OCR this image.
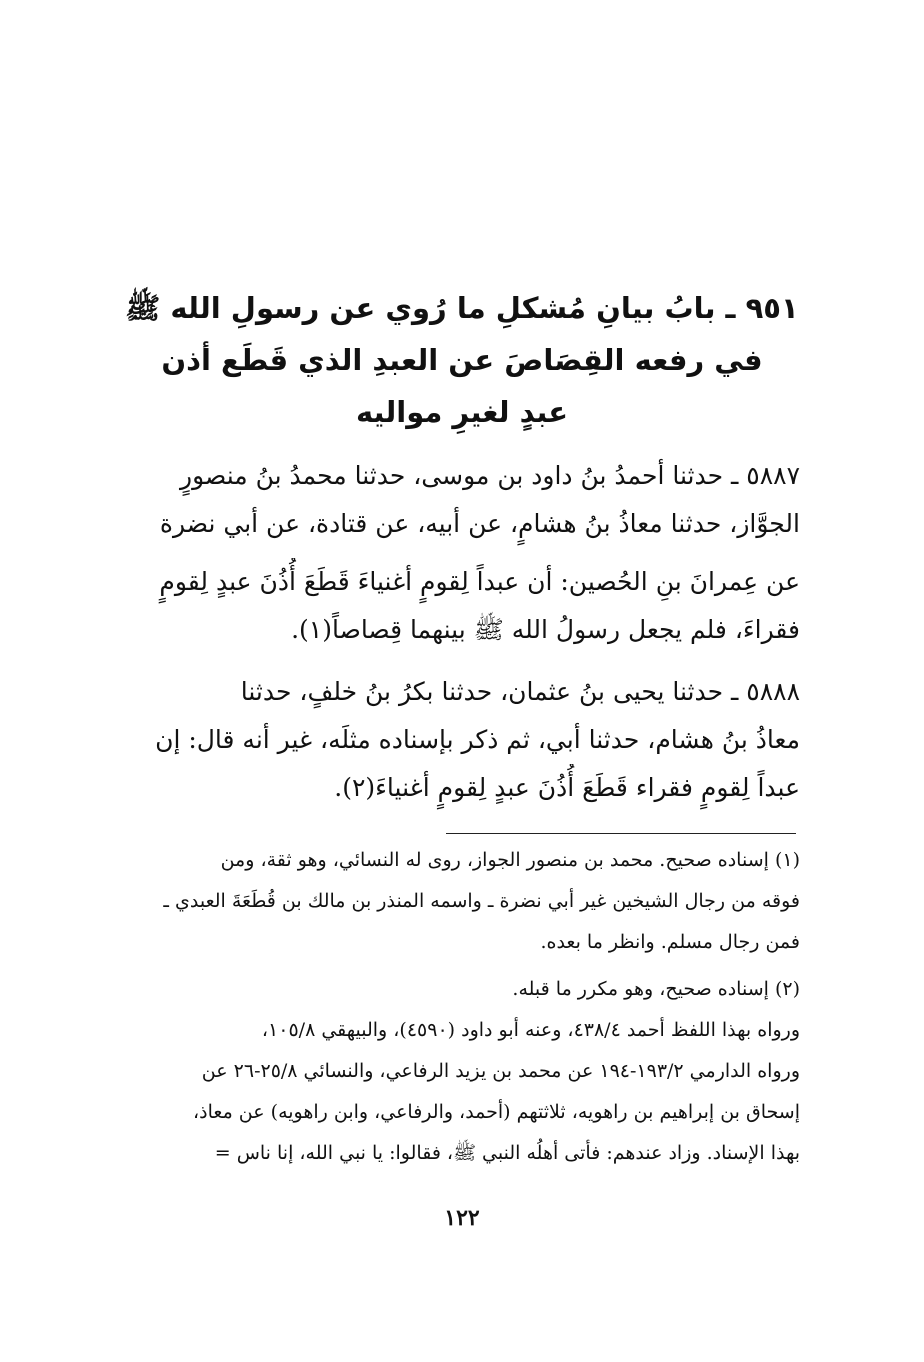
٩٥١ ـ بابُ بيانِ مُشكلِ ما رُوي عن رسولِ الله ﷺ
في رفعه القِصَاصَ عن العبدِ الذي قَطَع أذن
عبدٍ لغيرِ مواليه
٥٨٨٧ ـ حدثنا أحمدُ بنُ داود بن موسى، حدثنا محمدُ بنُ منصورٍ
الجوَّاز، حدثنا معاذُ بنُ هشامٍ، عن أبيه، عن قتادة، عن أبي نضرة
عن عِمرانَ بنِ الحُصين: أن عبداً لِقومٍ أغنياءَ قَطَعَ أُذُنَ عبدٍ لِقومٍ
فقراءَ، فلم يجعل رسولُ الله ﷺ بينهما قِصاصاً(١).
٥٨٨٨ ـ حدثنا يحيى بنُ عثمان، حدثنا بكرُ بنُ خلفٍ، حدثنا
معاذُ بنُ هشام، حدثنا أبي، ثم ذكر بإسناده مثلَه، غير أنه قال: إن
عبداً لِقومٍ فقراء قَطَعَ أُذُنَ عبدٍ لِقومٍ أغنياءَ(٢).
(١) إسناده صحيح. محمد بن منصور الجواز، روى له النسائي، وهو ثقة، ومن
فوقه من رجال الشيخين غير أبي نضرة ـ واسمه المنذر بن مالك بن قُطَعَةَ العبدي ـ
فمن رجال مسلم. وانظر ما بعده.
(٢) إسناده صحيح، وهو مكرر ما قبله.
ورواه بهذا اللفظ أحمد ٤٣٨/٤، وعنه أبو داود (٤٥٩٠)، والبيهقي ١٠٥/٨،
ورواه الدارمي ١٩٣/٢-١٩٤ عن محمد بن يزيد الرفاعي، والنسائي ٢٥/٨-٢٦ عن
إسحاق بن إبراهيم بن راهويه، ثلاثتهم (أحمد، والرفاعي، وابن راهويه) عن معاذ،
بهذا الإسناد. وزاد عندهم: فأتى أهلُه النبي ﷺ، فقالوا: يا نبي الله، إنا ناس =
١٢٢
